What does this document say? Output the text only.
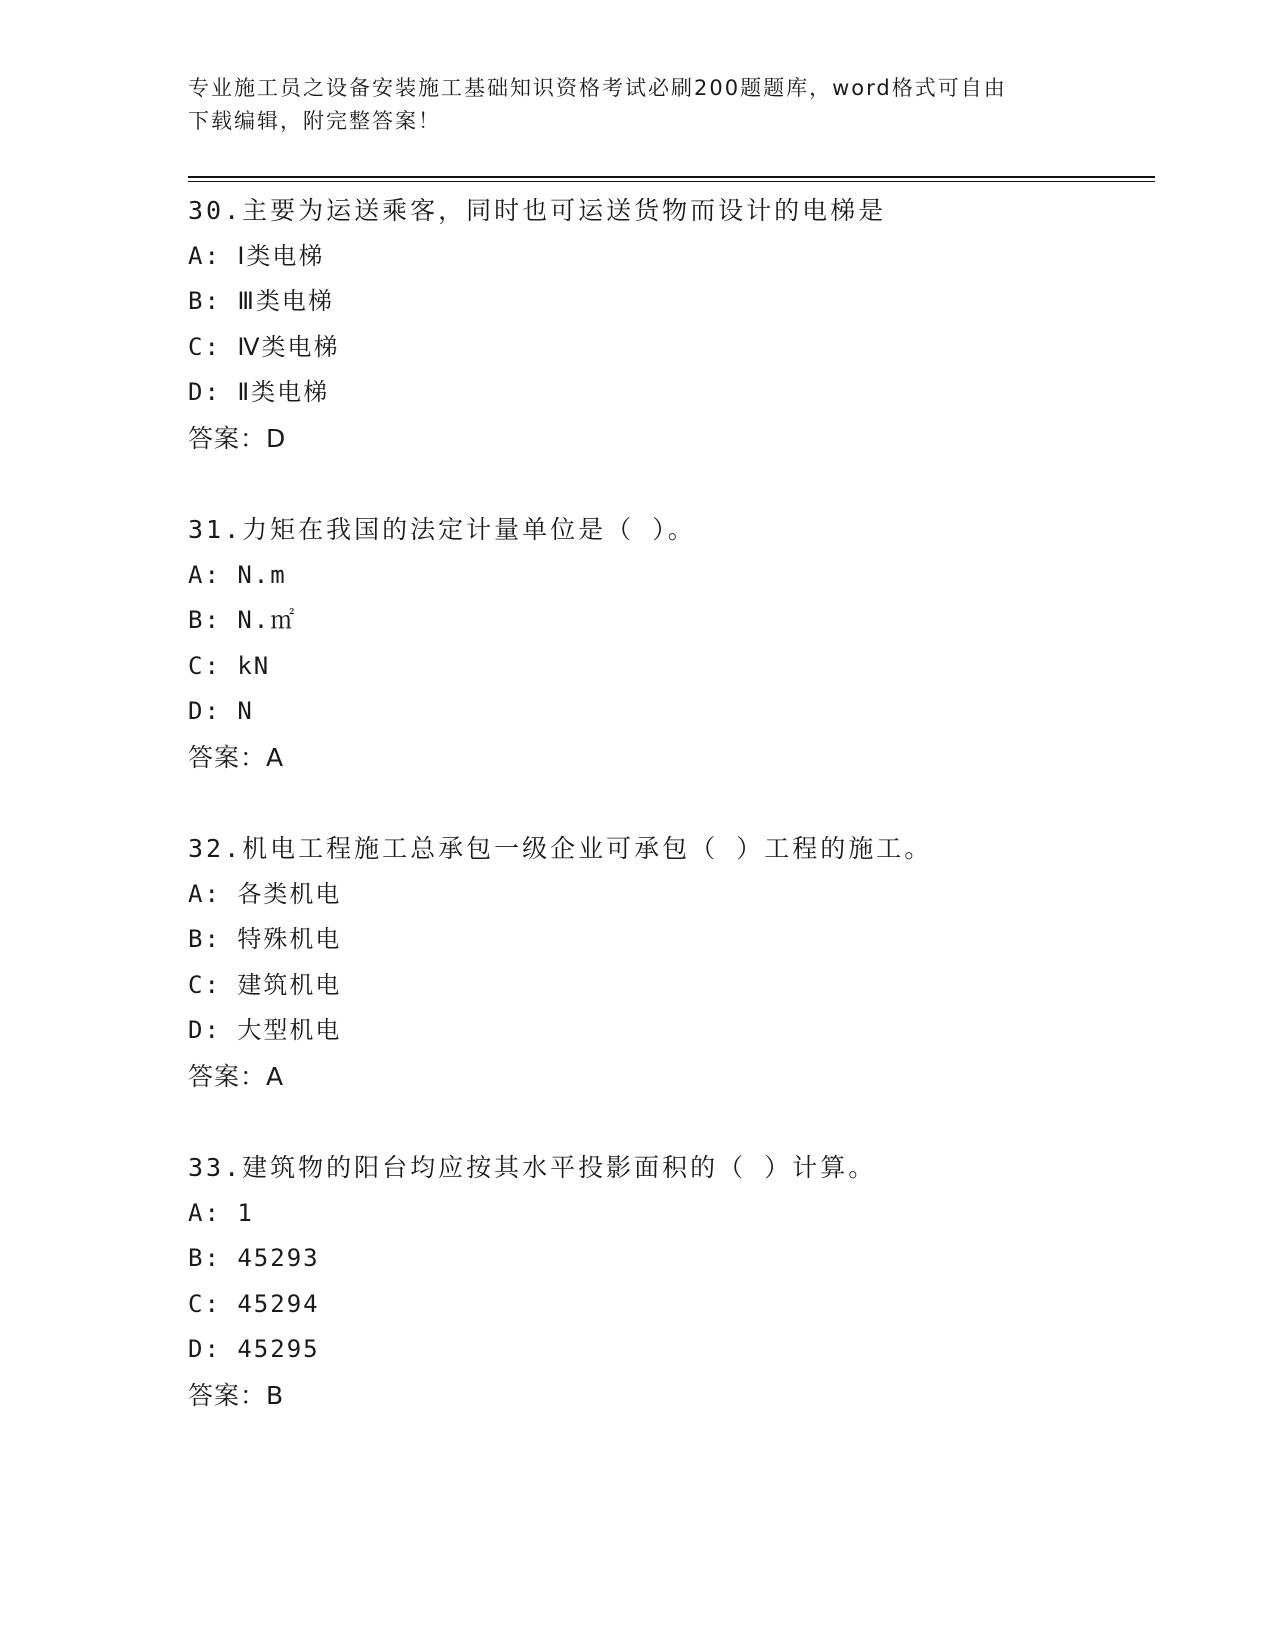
专业施工员之设备安装施工基础知识资格考试必刷200题题库，word格式可自由
下载编辑，附完整答案！
30.主要为运送乘客，同时也可运送货物而设计的电梯是
A: Ⅰ类电梯
B: Ⅲ类电梯
C: Ⅳ类电梯
D: Ⅱ类电梯
答案：D
31.力矩在我国的法定计量单位是（ ）。
A: N.m
B: N.㎡
C: kN
D: N
答案：A
32.机电工程施工总承包一级企业可承包（ ）工程的施工。
A: 各类机电
B: 特殊机电
C: 建筑机电
D: 大型机电
答案：A
33.建筑物的阳台均应按其水平投影面积的（ ）计算。
A: 1
B: 45293
C: 45294
D: 45295
答案：B
